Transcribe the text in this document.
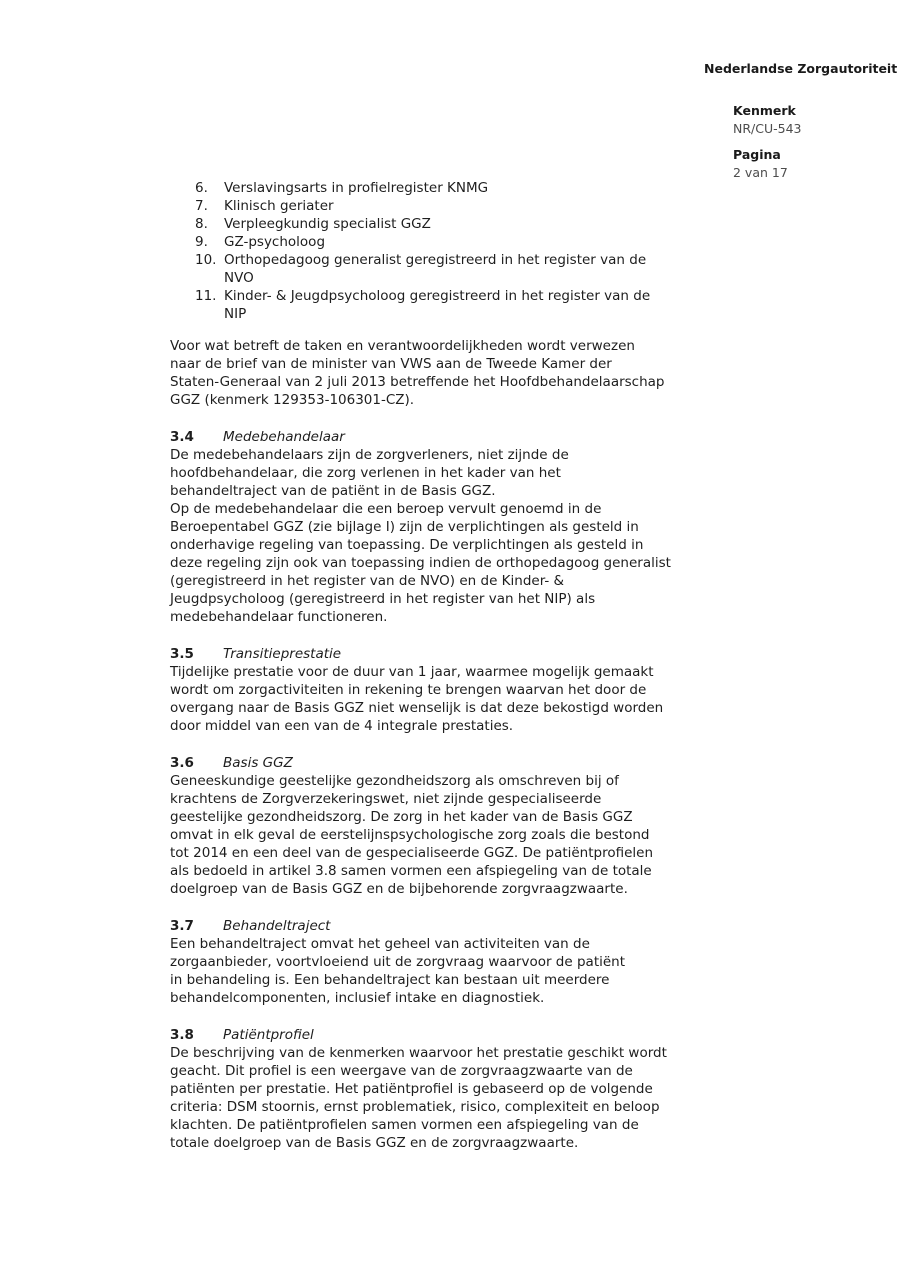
Nederlandse Zorgautoriteit
Kenmerk
NR/CU-543
Pagina
2 van 17
6.	Verslavingsarts in profielregister KNMG
7.	Klinisch geriater
8.	Verpleegkundig specialist GGZ
9.	GZ-psycholoog
10. Orthopedagoog generalist geregistreerd in het register van de
NVO
11. Kinder- & Jeugdpsycholoog geregistreerd in het register van de
NIP

Voor wat betreft de taken en verantwoordelijkheden wordt verwezen
naar de brief van de minister van VWS aan de Tweede Kamer der
Staten-Generaal van 2 juli 2013 betreffende het Hoofdbehandelaarschap
GGZ (kenmerk 129353-106301-CZ).

3.4	Medebehandelaar

De medebehandelaars zijn de zorgverleners, niet zijnde de
hoofdbehandelaar, die zorg verlenen in het kader van het
behandeltraject van de patiënt in de Basis GGZ.
Op de medebehandelaar die een beroep vervult genoemd in de
Beroepentabel GGZ (zie bijlage I) zijn de verplichtingen als gesteld in
onderhavige regeling van toepassing. De verplichtingen als gesteld in
deze regeling zijn ook van toepassing indien de orthopedagoog generalist
(geregistreerd in het register van de NVO) en de Kinder- &
Jeugdpsycholoog (geregistreerd in het register van het NIP) als
medebehandelaar functioneren.

3.5	Transitieprestatie

Tijdelijke prestatie voor de duur van 1 jaar, waarmee mogelijk gemaakt
wordt om zorgactiviteiten in rekening te brengen waarvan het door de
overgang naar de Basis GGZ niet wenselijk is dat deze bekostigd worden
door middel van een van de 4 integrale prestaties.

3.6	Basis GGZ

Geneeskundige geestelijke gezondheidszorg als omschreven bij of
krachtens de Zorgverzekeringswet, niet zijnde gespecialiseerde
geestelijke gezondheidszorg. De zorg in het kader van de Basis GGZ
omvat in elk geval de eerstelijnspsychologische zorg zoals die bestond
tot 2014 en een deel van de gespecialiseerde GGZ. De patiëntprofielen
als bedoeld in artikel 3.8 samen vormen een afspiegeling van de totale
doelgroep van de Basis GGZ en de bijbehorende zorgvraagzwaarte.

3.7	Behandeltraject

Een behandeltraject omvat het geheel van activiteiten van de
zorgaanbieder, voortvloeiend uit de zorgvraag waarvoor de patiënt
in behandeling is. Een behandeltraject kan bestaan uit meerdere
behandelcomponenten, inclusief intake en diagnostiek.

3.8	Patiëntprofiel

De beschrijving van de kenmerken waarvoor het prestatie geschikt wordt
geacht. Dit profiel is een weergave van de zorgvraagzwaarte van de
patiënten per prestatie. Het patiëntprofiel is gebaseerd op de volgende
criteria: DSM stoornis, ernst problematiek, risico, complexiteit en beloop
klachten. De patiëntprofielen samen vormen een afspiegeling van de
totale doelgroep van de Basis GGZ en de zorgvraagzwaarte.
